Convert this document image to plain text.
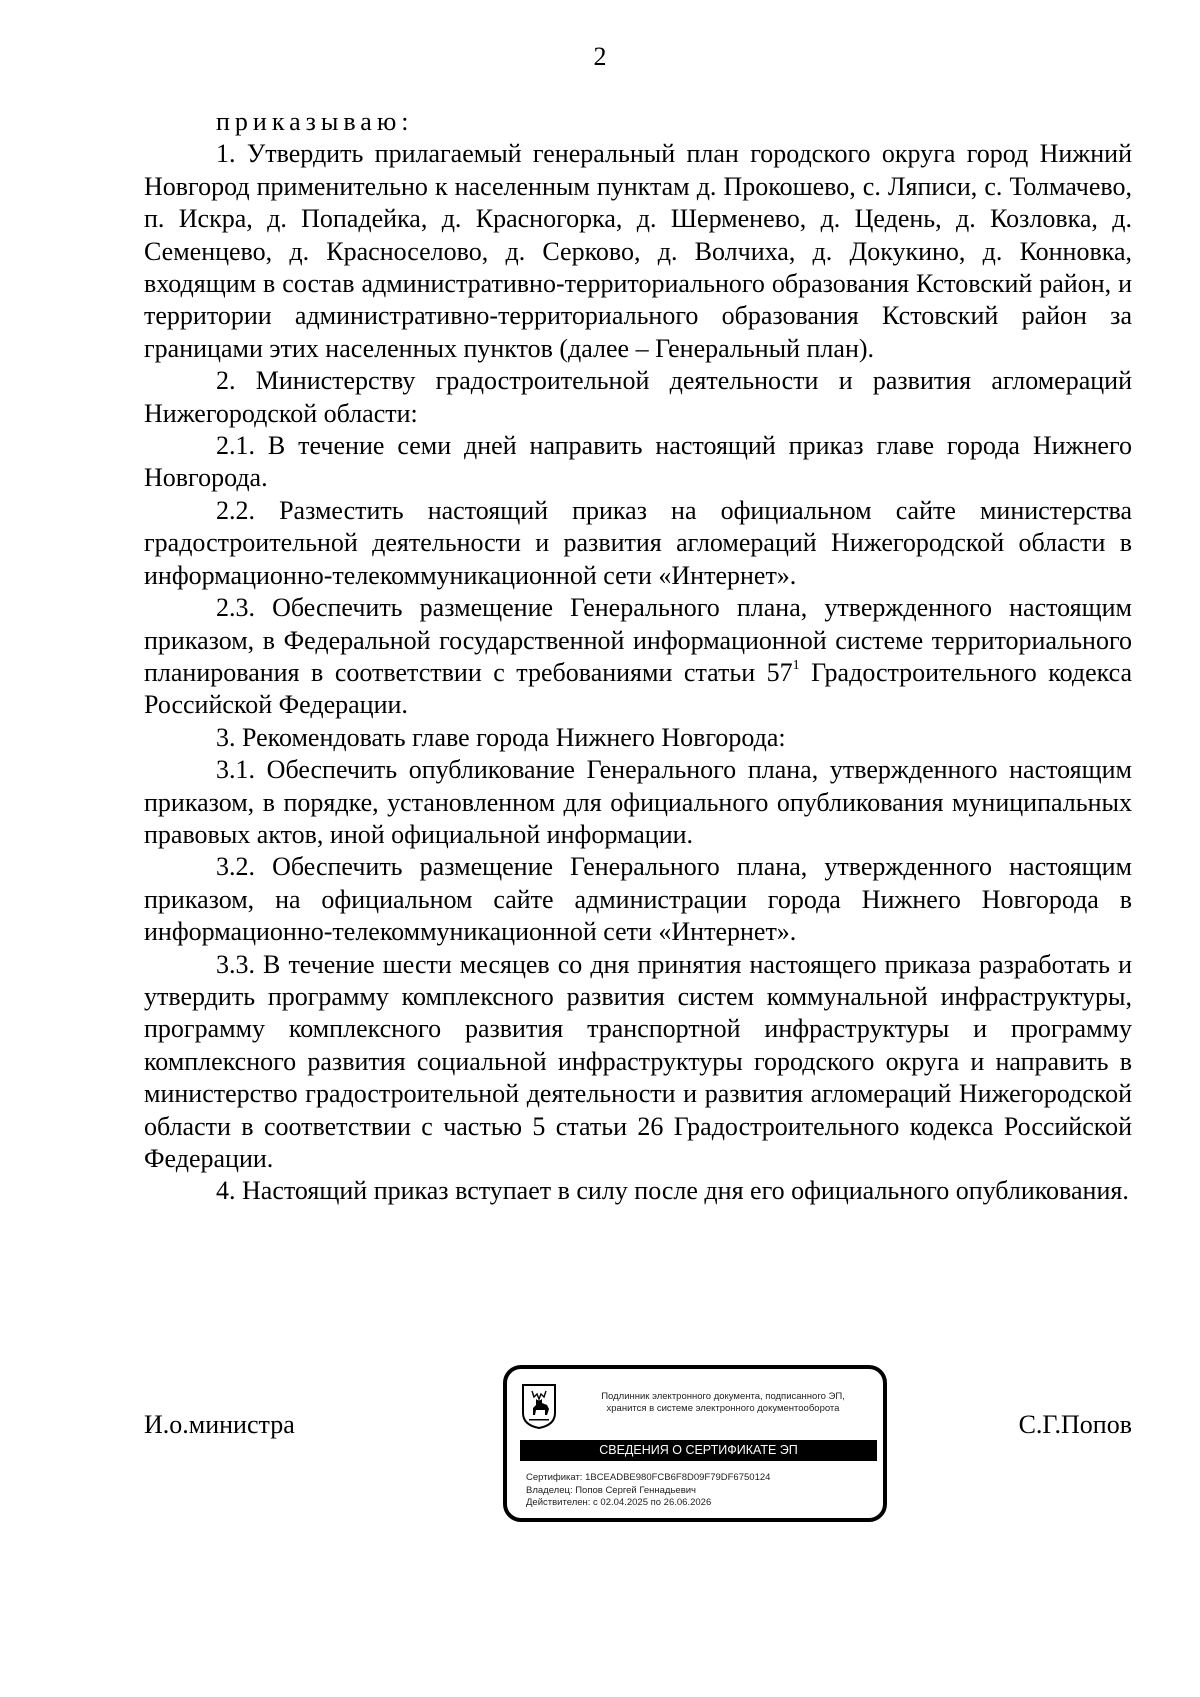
2

приказываю:

1. Утвердить прилагаемый генеральный план городского округа город Нижний Новгород применительно к населенным пунктам д. Прокошево, с. Ляписи, с. Толмачево, п. Искра, д. Попадейка, д. Красногорка, д. Шерменево, д. Цедень, д. Козловка, д. Семенцево, д. Красноселово, д. Серково, д. Волчиха, д. Докукино, д. Конновка, входящим в состав административно-территориального образования Кстовский район, и территории административно-территориального образования Кстовский район за границами этих населенных пунктов (далее – Генеральный план).

2. Министерству градостроительной деятельности и развития агломераций Нижегородской области:

2.1. В течение семи дней направить настоящий приказ главе города Нижнего Новгорода.

2.2. Разместить настоящий приказ на официальном сайте министерства градостроительной деятельности и развития агломераций Нижегородской области в информационно-телекоммуникационной сети «Интернет».

2.3. Обеспечить размещение Генерального плана, утвержденного настоящим приказом, в Федеральной государственной информационной системе территориального планирования в соответствии с требованиями статьи $57^1$ Градостроительного кодекса Российской Федерации.

3. Рекомендовать главе города Нижнего Новгорода:

3.1. Обеспечить опубликование Генерального плана, утвержденного настоящим приказом, в порядке, установленном для официального опубликования муниципальных правовых актов, иной официальной информации.

3.2. Обеспечить размещение Генерального плана, утвержденного настоящим приказом, на официальном сайте администрации города Нижнего Новгорода в информационно-телекоммуникационной сети «Интернет».

3.3. В течение шести месяцев со дня принятия настоящего приказа разработать и утвердить программу комплексного развития систем коммунальной инфраструктуры, программу комплексного развития транспортной инфраструктуры и программу комплексного развития социальной инфраструктуры городского округа и направить в министерство градостроительной деятельности и развития агломераций Нижегородской области в соответствии с частью 5 статьи 26 Градостроительного кодекса Российской Федерации.

4. Настоящий приказ вступает в силу после дня его официального опубликования.

И.о.министра	С.Г.Попов
Подлинник электронного документа, подписанного ЭП,
хранится в системе электронного документооборота
СВЕДЕНИЯ О СЕРТИФИКАТЕ ЭП
Сертификат: 1BCEADBE980FCB6F8D09F79DF6750124
Владелец: Попов Сергей Геннадьевич
Действителен: с 02.04.2025 по 26.06.2026
